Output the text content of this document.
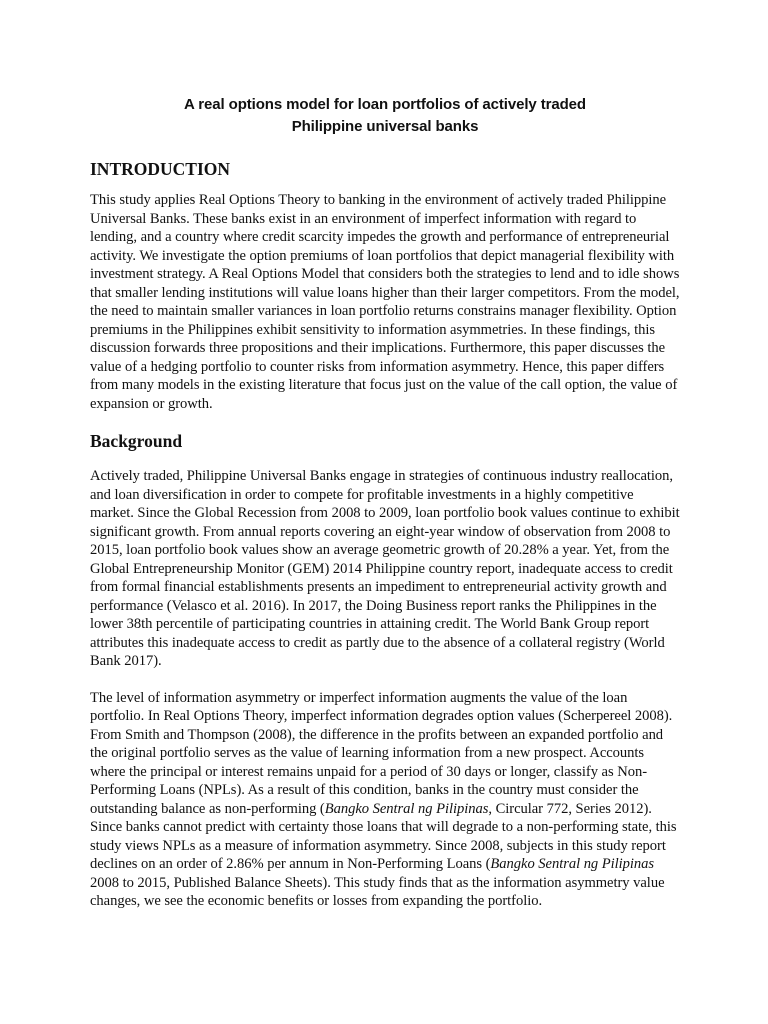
A real options model for loan portfolios of actively traded
Philippine universal banks
INTRODUCTION

This study applies Real Options Theory to banking in the environment of actively traded Philippine Universal Banks. These banks exist in an environment of imperfect information with regard to lending, and a country where credit scarcity impedes the growth and performance of entrepreneurial activity. We investigate the option premiums of loan portfolios that depict managerial flexibility with investment strategy. A Real Options Model that considers both the strategies to lend and to idle shows that smaller lending institutions will value loans higher than their larger competitors. From the model, the need to maintain smaller variances in loan portfolio returns constrains manager flexibility. Option premiums in the Philippines exhibit sensitivity to information asymmetries. In these findings, this discussion forwards three propositions and their implications. Furthermore, this paper discusses the value of a hedging portfolio to counter risks from information asymmetry. Hence, this paper differs from many models in the existing literature that focus just on the value of the call option, the value of expansion or growth.

Background

Actively traded, Philippine Universal Banks engage in strategies of continuous industry reallocation, and loan diversification in order to compete for profitable investments in a highly competitive market. Since the Global Recession from 2008 to 2009, loan portfolio book values continue to exhibit significant growth. From annual reports covering an eight-year window of observation from 2008 to 2015, loan portfolio book values show an average geometric growth of 20.28% a year. Yet, from the Global Entrepreneurship Monitor (GEM) 2014 Philippine country report, inadequate access to credit from formal financial establishments presents an impediment to entrepreneurial activity growth and performance (Velasco et al. 2016). In 2017, the Doing Business report ranks the Philippines in the lower 38th percentile of participating countries in attaining credit. The World Bank Group report attributes this inadequate access to credit as partly due to the absence of a collateral registry (World Bank 2017).

The level of information asymmetry or imperfect information augments the value of the loan portfolio. In Real Options Theory, imperfect information degrades option values (Scherpereel 2008). From Smith and Thompson (2008), the difference in the profits between an expanded portfolio and the original portfolio serves as the value of learning information from a new prospect. Accounts where the principal or interest remains unpaid for a period of 30 days or longer, classify as Non-Performing Loans (NPLs). As a result of this condition, banks in the country must consider the outstanding balance as non-performing (Bangko Sentral ng Pilipinas, Circular 772, Series 2012). Since banks cannot predict with certainty those loans that will degrade to a non-performing state, this study views NPLs as a measure of information asymmetry. Since 2008, subjects in this study report declines on an order of 2.86% per annum in Non-Performing Loans (Bangko Sentral ng Pilipinas 2008 to 2015, Published Balance Sheets). This study finds that as the information asymmetry value changes, we see the economic benefits or losses from expanding the portfolio.
